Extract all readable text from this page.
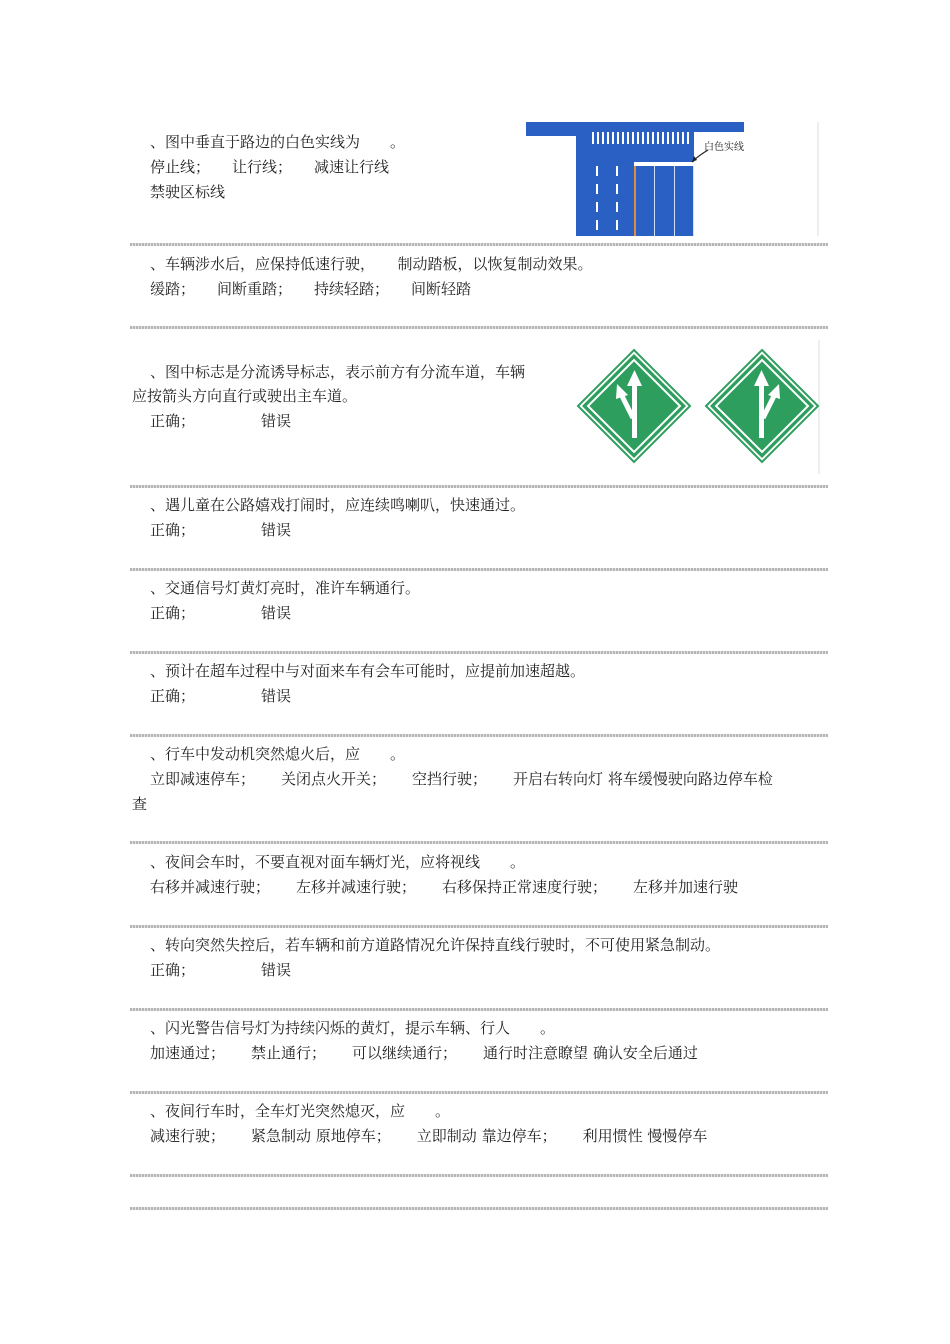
、图中垂直于路边的白色实线为　　。
停止线； 让行线； 减速让行线
禁驶区标线
白色实线
、车辆涉水后，应保持低速行驶，　　制动踏板，以恢复制动效果。
缓踏； 间断重踏； 持续轻踏； 间断轻踏
、图中标志是分流诱导标志，表示前方有分流车道，车辆
应按箭头方向直行或驶出主车道。
正确；	错误
、遇儿童在公路嬉戏打闹时，应连续鸣喇叭，快速通过。
正确；	错误
、交通信号灯黄灯亮时，准许车辆通行。
正确；	错误
、预计在超车过程中与对面来车有会车可能时，应提前加速超越。
正确；	错误
、行车中发动机突然熄火后，应　　。
立即减速停车； 关闭点火开关； 空挡行驶； 开启右转向灯 将车缓慢驶向路边停车检
查
、夜间会车时，不要直视对面车辆灯光，应将视线　　。
右移并减速行驶； 左移并减速行驶； 右移保持正常速度行驶； 左移并加速行驶
、转向突然失控后，若车辆和前方道路情况允许保持直线行驶时，不可使用紧急制动。
正确；	错误
、闪光警告信号灯为持续闪烁的黄灯，提示车辆、行人　　。
加速通过； 禁止通行； 可以继续通行； 通行时注意瞭望 确认安全后通过
、夜间行车时，全车灯光突然熄灭，应　　。
减速行驶； 紧急制动 原地停车； 立即制动 靠边停车； 利用惯性 慢慢停车
